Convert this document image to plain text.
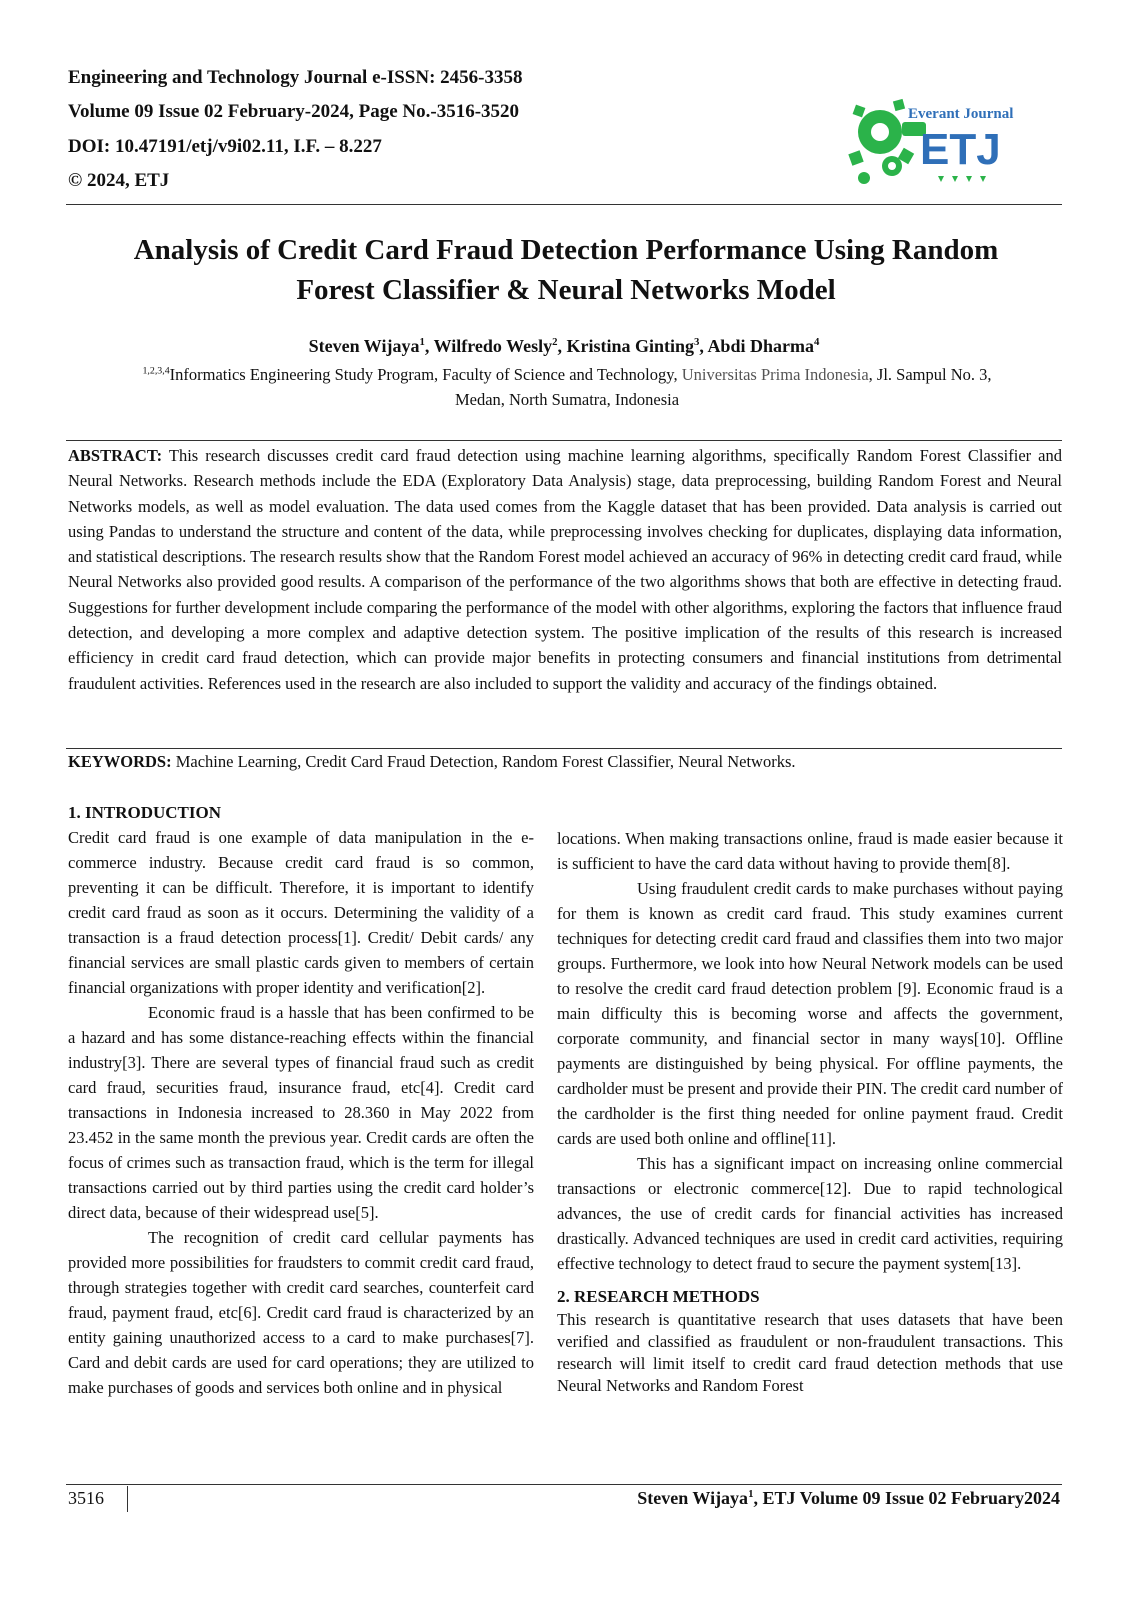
Engineering and Technology Journal e-ISSN: 2456-3358
Volume 09 Issue 02 February-2024, Page No.-3516-3520
DOI: 10.47191/etj/v9i02.11, I.F. – 8.227
© 2024, ETJ
Everant Journal
ETJ
Analysis of Credit Card Fraud Detection Performance Using Random
Forest Classifier & Neural Networks Model
Steven Wijaya$^1$, Wilfredo Wesly$^2$, Kristina Ginting$^3$, Abdi Dharma$^4$
$^{1,2,3,4}$Informatics Engineering Study Program, Faculty of Science and Technology, Universitas Prima Indonesia, Jl. Sampul No. 3,
Medan, North Sumatra, Indonesia
ABSTRACT: This research discusses credit card fraud detection using machine learning algorithms, specifically Random Forest Classifier and Neural Networks. Research methods include the EDA (Exploratory Data Analysis) stage, data preprocessing, building Random Forest and Neural Networks models, as well as model evaluation. The data used comes from the Kaggle dataset that has been provided. Data analysis is carried out using Pandas to understand the structure and content of the data, while preprocessing involves checking for duplicates, displaying data information, and statistical descriptions. The research results show that the Random Forest model achieved an accuracy of 96% in detecting credit card fraud, while Neural Networks also provided good results. A comparison of the performance of the two algorithms shows that both are effective in detecting fraud. Suggestions for further development include comparing the performance of the model with other algorithms, exploring the factors that influence fraud detection, and developing a more complex and adaptive detection system. The positive implication of the results of this research is increased efficiency in credit card fraud detection, which can provide major benefits in protecting consumers and financial institutions from detrimental fraudulent activities. References used in the research are also included to support the validity and accuracy of the findings obtained.
KEYWORDS: Machine Learning, Credit Card Fraud Detection, Random Forest Classifier, Neural Networks.
1. INTRODUCTION

Credit card fraud is one example of data manipulation in the e-commerce industry. Because credit card fraud is so common, preventing it can be difficult. Therefore, it is important to identify credit card fraud as soon as it occurs. Determining the validity of a transaction is a fraud detection process[1]. Credit/ Debit cards/ any financial services are small plastic cards given to members of certain financial organizations with proper identity and verification[2].

Economic fraud is a hassle that has been confirmed to be a hazard and has some distance-reaching effects within the financial industry[3]. There are several types of financial fraud such as credit card fraud, securities fraud, insurance fraud, etc[4]. Credit card transactions in Indonesia increased to 28.360 in May 2022 from 23.452 in the same month the previous year. Credit cards are often the focus of crimes such as transaction fraud, which is the term for illegal transactions carried out by third parties using the credit card holder’s direct data, because of their widespread use[5].

The recognition of credit card cellular payments has provided more possibilities for fraudsters to commit credit card fraud, through strategies together with credit card searches, counterfeit card fraud, payment fraud, etc[6]. Credit card fraud is characterized by an entity gaining unauthorized access to a card to make purchases[7]. Card and debit cards are used for card operations; they are utilized to make purchases of goods and services both online and in physical

locations. When making transactions online, fraud is made easier because it is sufficient to have the card data without having to provide them[8].

Using fraudulent credit cards to make purchases without paying for them is known as credit card fraud. This study examines current techniques for detecting credit card fraud and classifies them into two major groups. Furthermore, we look into how Neural Network models can be used to resolve the credit card fraud detection problem [9]. Economic fraud is a main difficulty this is becoming worse and affects the government, corporate community, and financial sector in many ways[10]. Offline payments are distinguished by being physical. For offline payments, the cardholder must be present and provide their PIN. The credit card number of the cardholder is the first thing needed for online payment fraud. Credit cards are used both online and offline[11].

This has a significant impact on increasing online commercial transactions or electronic commerce[12]. Due to rapid technological advances, the use of credit cards for financial activities has increased drastically. Advanced techniques are used in credit card activities, requiring effective technology to detect fraud to secure the payment system[13].

2. RESEARCH METHODS

This research is quantitative research that uses datasets that have been verified and classified as fraudulent or non-fraudulent transactions. This research will limit itself to credit card fraud detection methods that use Neural Networks and Random Forest

3516	Steven Wijaya$^1$, ETJ Volume 09 Issue 02 February2024
